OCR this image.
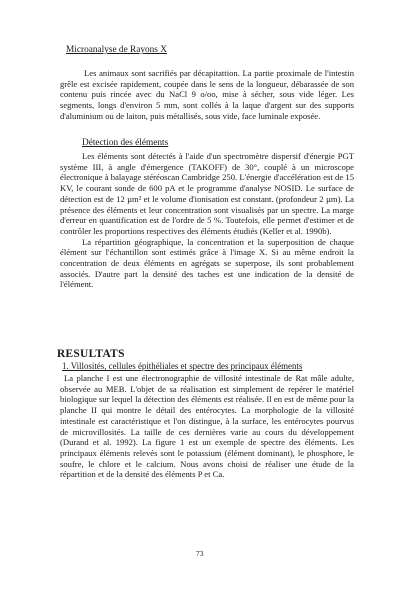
Microanalyse de Rayons X
Les animaux sont sacrifiés par décapitattion. La partie proximale de l'intestin grêle est excisée rapidement, coupée dans le sens de la longueur, débarassée de son contenu puis rincée avec du NaCl 9 o/oo, mise à sécher, sous vide léger. Les segments, longs d'environ 5 mm, sont collés à la laque d'argent sur des supports d'aluminium ou de laiton, puis métallisés, sous vide, face luminale exposée.
Détection des éléments

Les éléments sont détectés à l'aide d'un spectromètre dispersif d'énergie PGT système III, à angle d'émergence (TAKOFF) de 30°, couplé à un microscope électronique à balayage stéréoscan Cambridge 250. L'énergie d'accélération est de 15 KV, le courant sonde de 600 pA et le programme d'analyse NOSID. Le surface de détection est de 12 µm² et le volume d'ionisation est constant. (profondeur 2 µm). La présence des éléments et leur concentration sont visualisés par un spectre. La marge d'erreur en quantification est de l'ordre de 5 %. Toutefois, elle permet d'estimer et de contrôler les proportions respectives des éléments étudiés (Keller et al. 1990b).

La répartition géographique, la concentration et la superposition de chaque élément sur l'échantillon sont estimés grâce à l'image X. Si au même endroit la concentration de deux éléments en agrégats se superpose, ils sont probablement associés. D'autre part la densité des taches est une indication de la densité de l'élément.

RESULTATS
1. Villosités, cellules épithéliales et spectre des principaux éléments
La planche I est une électronographie de villosité intestinale de Rat mâle adulte, observée au MEB. L'objet de sa réalisation est simplement de repérer le matériel biologique sur lequel la détection des éléments est réalisée. Il en est de même pour la planche II qui montre le détail des entérocytes. La morphologie de la villosité intestinale est caractéristique et l'on distingue, à la surface, les entérocytes pourvus de microvillosités. La taille de ces dernières varie au cours du développement (Durand et al. 1992). La figure 1 est un exemple de spectre des éléments. Les principaux éléments relevés sont le potassium (élément dominant), le phosphore, le soufre, le chlore et le calcium. Nous avons choisi de réaliser une étude de la répartition et de la densité des éléments P et Ca.
73
